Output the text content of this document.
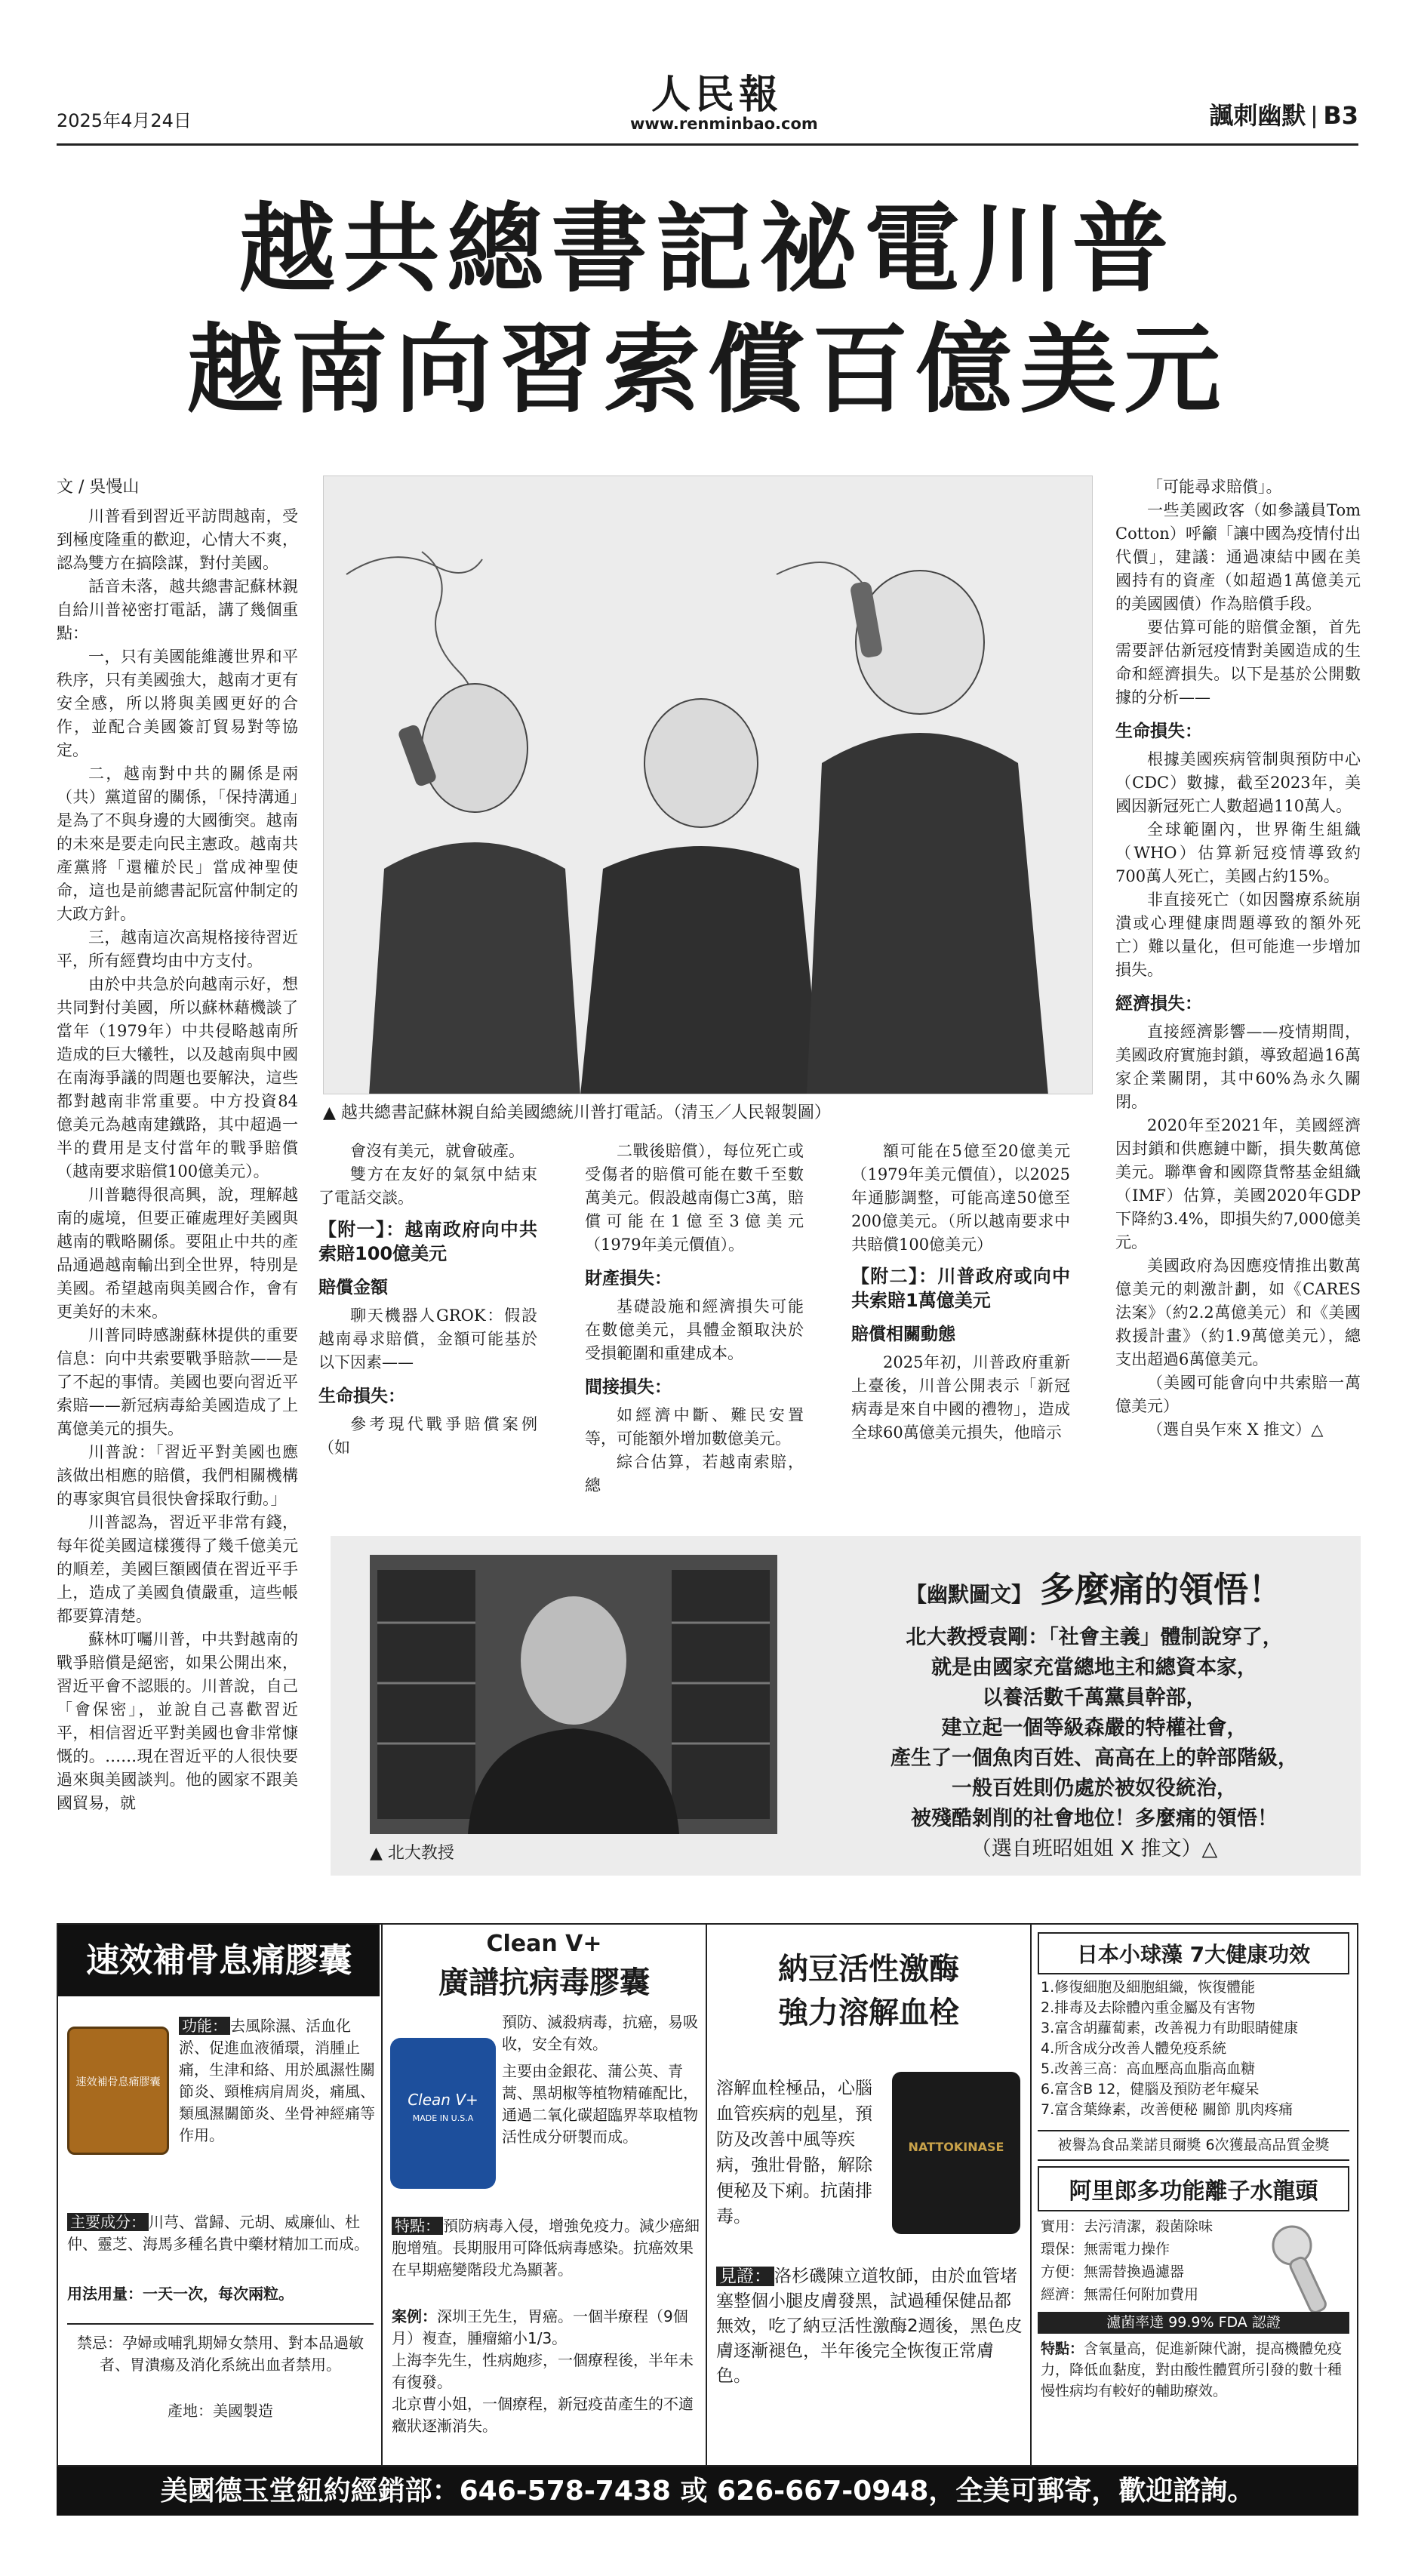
2025年4月24日
人民報
www.renminbao.com	諷刺幽默 B3
越共總書記祕電川普
越南向習索償百億美元

文 / 吳慢山

川普看到習近平訪問越南，受到極度隆重的歡迎，心情大不爽，認為雙方在搞陰謀，對付美國。

話音未落，越共總書記蘇林親自給川普祕密打電話，講了幾個重點：

一，只有美國能維護世界和平秩序，只有美國強大，越南才更有安全感，所以將與美國更好的合作，並配合美國簽訂貿易對等協定。

二，越南對中共的關係是兩（共）黨道留的關係，「保持溝通」是為了不與身邊的大國衝突。越南的未來是要走向民主憲政。越南共產黨將「還權於民」當成神聖使命，這也是前總書記阮富仲制定的大政方針。

三，越南這次高規格接待習近平，所有經費均由中方支付。

由於中共急於向越南示好，想共同對付美國，所以蘇林藉機談了當年（1979年）中共侵略越南所造成的巨大犧牲，以及越南與中國在南海爭議的問題也要解決，這些都對越南非常重要。中方投資84億美元為越南建鐵路，其中超過一半的費用是支付當年的戰爭賠償（越南要求賠償100億美元）。

川普聽得很高興，說，理解越南的處境，但要正確處理好美國與越南的戰略關係。要阻止中共的產品通過越南輸出到全世界，特別是美國。希望越南與美國合作，會有更美好的未來。

川普同時感謝蘇林提供的重要信息：向中共索要戰爭賠款——是了不起的事情。美國也要向習近平索賠——新冠病毒給美國造成了上萬億美元的損失。

川普說：「習近平對美國也應該做出相應的賠償，我們相關機構的專家與官員很快會採取行動。」

川普認為，習近平非常有錢，每年從美國這樣獲得了幾千億美元的順差，美國巨額國債在習近平手上，造成了美國負債嚴重，這些帳都要算清楚。

蘇林叮囑川普，中共對越南的戰爭賠償是絕密，如果公開出來，習近平會不認賬的。川普說，自己「會保密」，並說自己喜歡習近平，相信習近平對美國也會非常慷慨的。……現在習近平的人很快要過來與美國談判。他的國家不跟美國貿易，就

▲ 越共總書記蘇林親自給美國總統川普打電話。（清玉／人民報製圖）

會沒有美元，就會破產。

雙方在友好的氣氛中結束了電話交談。

【附一】：越南政府向中共索賠100億美元

賠償金額

聊天機器人GROK：假設越南尋求賠償，金額可能基於以下因素——

生命損失：

參考現代戰爭賠償案例（如

二戰後賠償），每位死亡或受傷者的賠償可能在數千至數萬美元。假設越南傷亡3萬，賠償可能在1億至3億美元（1979年美元價值）。

財產損失：

基礎設施和經濟損失可能在數億美元，具體金額取決於受損範圍和重建成本。

間接損失：

如經濟中斷、難民安置等，可能額外增加數億美元。

綜合估算，若越南索賠，總

額可能在5億至20億美元（1979年美元價值），以2025年通膨調整，可能高達50億至200億美元。（所以越南要求中共賠償100億美元）

【附二】：川普政府或向中共索賠1萬億美元

賠償相關動態

2025年初，川普政府重新上臺後，川普公開表示「新冠病毒是來自中國的禮物」，造成全球60萬億美元損失，他暗示

「可能尋求賠償」。

一些美國政客（如參議員Tom Cotton）呼籲「讓中國為疫情付出代價」，建議：通過凍結中國在美國持有的資產（如超過1萬億美元的美國國債）作為賠償手段。

要估算可能的賠償金額，首先需要評估新冠疫情對美國造成的生命和經濟損失。以下是基於公開數據的分析——

生命損失：

根據美國疾病管制與預防中心（CDC）數據，截至2023年，美國因新冠死亡人數超過110萬人。

全球範圍內，世界衛生組織（WHO）估算新冠疫情導致約700萬人死亡，美國占約15%。

非直接死亡（如因醫療系統崩潰或心理健康問題導致的額外死亡）難以量化，但可能進一步增加損失。

經濟損失：

直接經濟影響——疫情期間，美國政府實施封鎖，導致超過16萬家企業關閉，其中60%為永久關閉。

2020年至2021年，美國經濟因封鎖和供應鏈中斷，損失數萬億美元。聯準會和國際貨幣基金組織（IMF）估算，美國2020年GDP下降約3.4%，即損失約7,000億美元。

美國政府為因應疫情推出數萬億美元的刺激計劃，如《CARES法案》（約2.2萬億美元）和《美國救援計畫》（約1.9萬億美元），總支出超過6萬億美元。

（美國可能會向中共索賠一萬億美元）

（選自吳乍來 X 推文）△

▲ 北大教授
【幽默圖文】 多麼痛的領悟！
北大教授袁剛：「社會主義」體制說穿了，
就是由國家充當總地主和總資本家，
以養活數千萬黨員幹部，
建立起一個等級森嚴的特權社會，
產生了一個魚肉百姓、高高在上的幹部階級，
一般百姓則仍處於被奴役統治，
被殘酷剝削的社會地位！多麼痛的領悟！
（選自班昭姐姐 X 推文）△
速效補骨息痛膠囊
速效補骨息痛膠囊
功能： 去風除濕、活血化淤、促進血液循環，消腫止痛，生津和絡、用於風濕性關節炎、頸椎病肩周炎，痛風、類風濕關節炎、坐骨神經痛等作用。
主要成分： 川芎、當歸、元胡、威廉仙、杜仲、靈芝、海馬多種名貴中藥材精加工而成。
用法用量：一天一次，每次兩粒。
禁忌：孕婦或哺乳期婦女禁用、對本品過敏者、胃潰瘍及消化系統出血者禁用。
產地：美國製造
Clean V+
廣譜抗病毒膠囊
Clean V+
MADE IN U.S.A
預防、滅殺病毒，抗癌，易吸收，安全有效。
主要由金銀花、蒲公英、青蒿、黑胡椒等植物精確配比，通過二氧化碳超臨界萃取植物活性成分研製而成。
特點： 預防病毒入侵，增強免疫力。減少癌細胞增殖。長期服用可降低病毒感染。抗癌效果在早期癌變階段尤為顯著。
案例：深圳王先生，胃癌。一個半療程（9個月）複查，腫瘤縮小1/3。
上海李先生，性病皰疹，一個療程後，半年未有復發。
北京曹小姐，一個療程，新冠疫苗產生的不適癥狀逐漸消失。
納豆活性激酶
強力溶解血栓
溶解血栓極品，心腦血管疾病的剋星，預防及改善中風等疾病，強壯骨骼，解除便秘及下痢。抗菌排毒。
NATTOKINASE
見證： 洛杉磯陳立道牧師，由於血管堵塞整個小腿皮膚發黑，試過種保健品都無效，吃了納豆活性激酶2週後，黑色皮膚逐漸褪色，半年後完全恢復正常膚色。
日本小球藻 7大健康功效
1.修復細胞及細胞組織，恢復體能
2.排毒及去除體內重金屬及有害物
3.富含胡蘿蔔素，改善視力有助眼睛健康
4.所含成分改善人體免疫系統
5.改善三高：高血壓高血脂高血糖
6.富含B 12，健腦及預防老年癡呆
7.富含葉綠素，改善便秘 關節 肌肉疼痛
被譽為食品業諾貝爾獎 6次獲最高品質金獎
阿里郎多功能離子水龍頭
實用：去污清潔，殺菌除味
環保：無需電力操作
方便：無需替換過濾器
經濟：無需任何附加費用
濾菌率達 99.9% FDA 認證
特點：含氧量高，促進新陳代謝，提高機體免疫力，降低血黏度，對由酸性體質所引發的數十種慢性病均有較好的輔助療效。
美國德玉堂紐約經銷部：646-578-7438 或 626-667-0948，全美可郵寄，歡迎諮詢。
